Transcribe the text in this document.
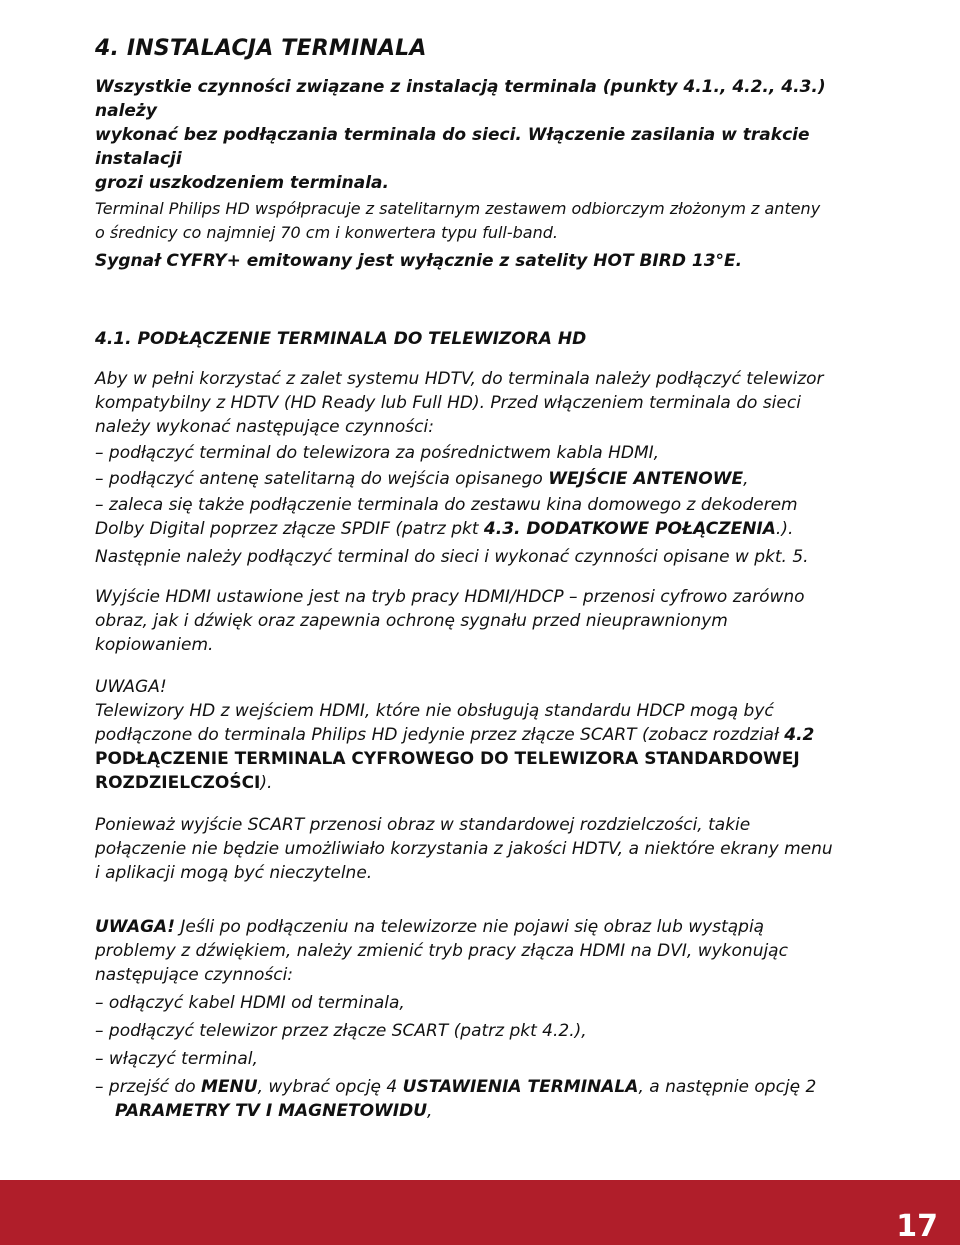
4. INSTALACJA TERMINALA

Wszystkie czynności związane z instalacją terminala (punkty 4.1., 4.2., 4.3.) należy

wykonać bez podłączania terminala do sieci. Włączenie zasilania w trakcie instalacji

grozi uszkodzeniem terminala.

Terminal Philips HD współpracuje z satelitarnym zestawem odbiorczym złożonym z anteny

o średnicy co najmniej 70 cm i konwertera typu full-band.

Sygnał CYFRY+ emitowany jest wyłącznie z satelity HOT BIRD 13°E.

4.1. PODŁĄCZENIE TERMINALA DO TELEWIZORA HD

Aby w pełni korzystać z zalet systemu HDTV, do terminala należy podłączyć telewizor

kompatybilny z HDTV (HD Ready lub Full HD). Przed włączeniem terminala do sieci

należy wykonać następujące czynności:

– podłączyć terminal do telewizora za pośrednictwem kabla HDMI,

– podłączyć antenę satelitarną do wejścia opisanego WEJŚCIE ANTENOWE,

– zaleca się także podłączenie terminala do zestawu kina domowego z dekoderem

Dolby Digital poprzez złącze SPDIF (patrz pkt 4.3. DODATKOWE POŁĄCZENIA.).

Następnie należy podłączyć terminal do sieci i wykonać czynności opisane w pkt. 5.

Wyjście HDMI ustawione jest na tryb pracy HDMI/HDCP – przenosi cyfrowo zarówno

obraz, jak i dźwięk oraz zapewnia ochronę sygnału przed nieuprawnionym

kopiowaniem.

UWAGA!

Telewizory HD z wejściem HDMI, które nie obsługują standardu HDCP mogą być

podłączone do terminala Philips HD jedynie przez złącze SCART (zobacz rozdział 4.2

PODŁĄCZENIE TERMINALA CYFROWEGO DO TELEWIZORA STANDARDOWEJ

ROZDZIELCZOŚCI).

Ponieważ wyjście SCART przenosi obraz w standardowej rozdzielczości, takie

połączenie nie będzie umożliwiało korzystania z jakości HDTV, a niektóre ekrany menu

i aplikacji mogą być nieczytelne.

UWAGA! Jeśli po podłączeniu na telewizorze nie pojawi się obraz lub wystąpią

problemy z dźwiękiem, należy zmienić tryb pracy złącza HDMI na DVI, wykonując

następujące czynności:

– odłączyć kabel HDMI od terminala,

– podłączyć telewizor przez złącze SCART (patrz pkt 4.2.),

– włączyć terminal,

– przejść do MENU, wybrać opcję 4 USTAWIENIA TERMINALA, a następnie opcję 2

PARAMETRY TV I MAGNETOWIDU,

17
